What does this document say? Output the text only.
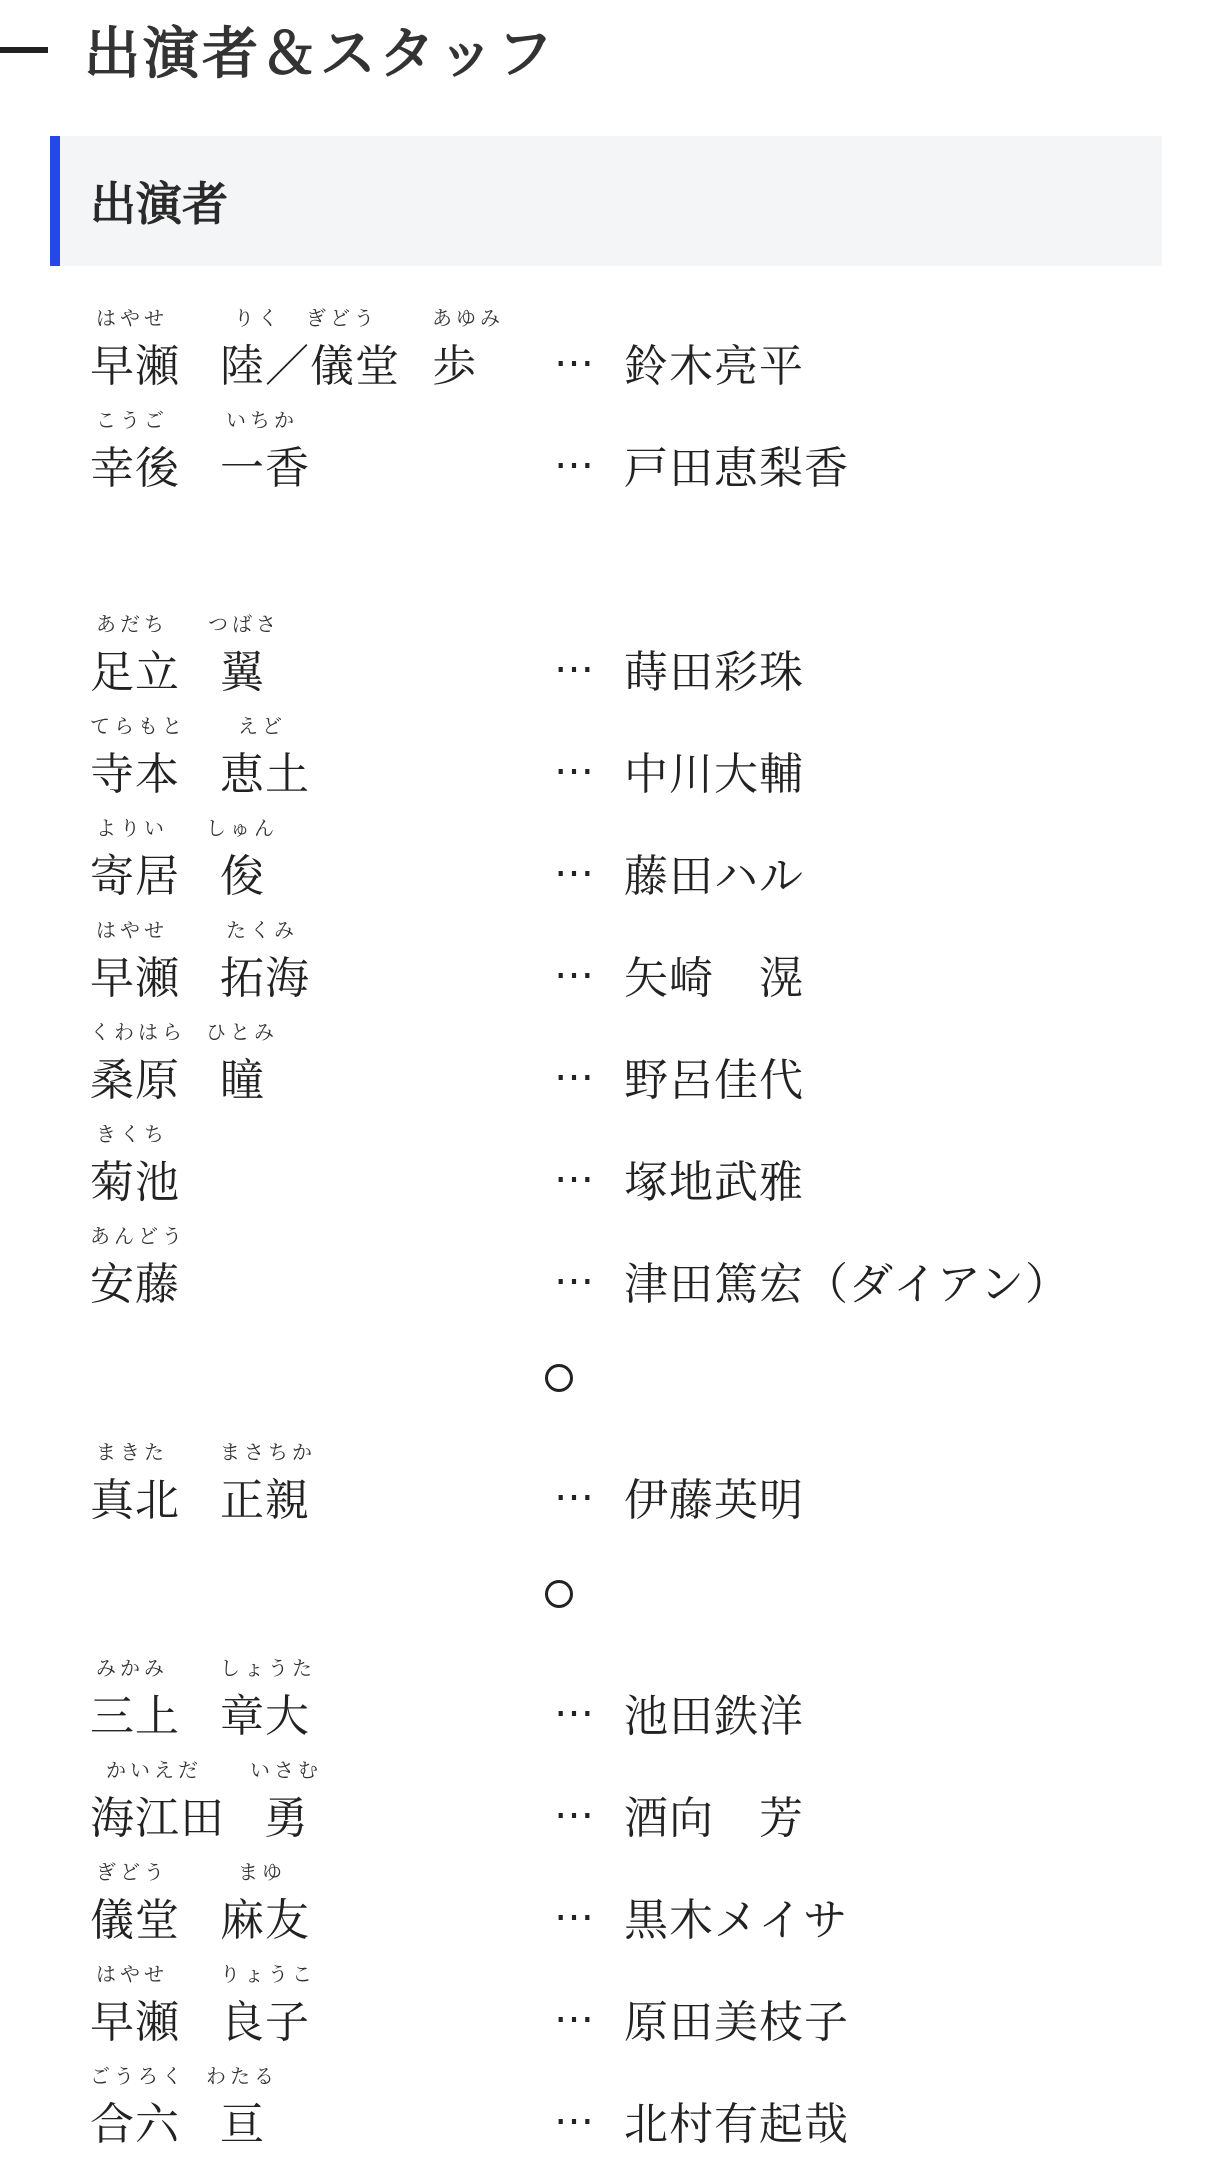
出演者＆スタッフ
出演者
はやせ
早瀬
りく　ぎどう
陸／儀堂
あゆみ
歩 … 鈴木亮平
こうご
幸後
いちか
一香	… 戸田恵梨香
あだち
足立
つばさ
翼	… 蒔田彩珠
てらもと
寺本
えど
恵土	… 中川大輔
よりい
寄居
しゅん
俊	… 藤田ハル
はやせ
早瀬
たくみ
拓海	… 矢崎　滉
くわはら
桑原
ひとみ
瞳	… 野呂佳代
きくち
菊池	… 塚地武雅
あんどう
安藤	… 津田篤宏（ダイアン）
まきた
真北
まさちか
正親	… 伊藤英明
みかみ
三上
しょうた
章大	… 池田鉄洋
かいえだ
海江田
いさむ
勇	… 酒向　芳
ぎどう
儀堂
まゆ
麻友	… 黒木メイサ
はやせ
早瀬
りょうこ
良子	… 原田美枝子
ごうろく
合六
わたる
亘	… 北村有起哉
